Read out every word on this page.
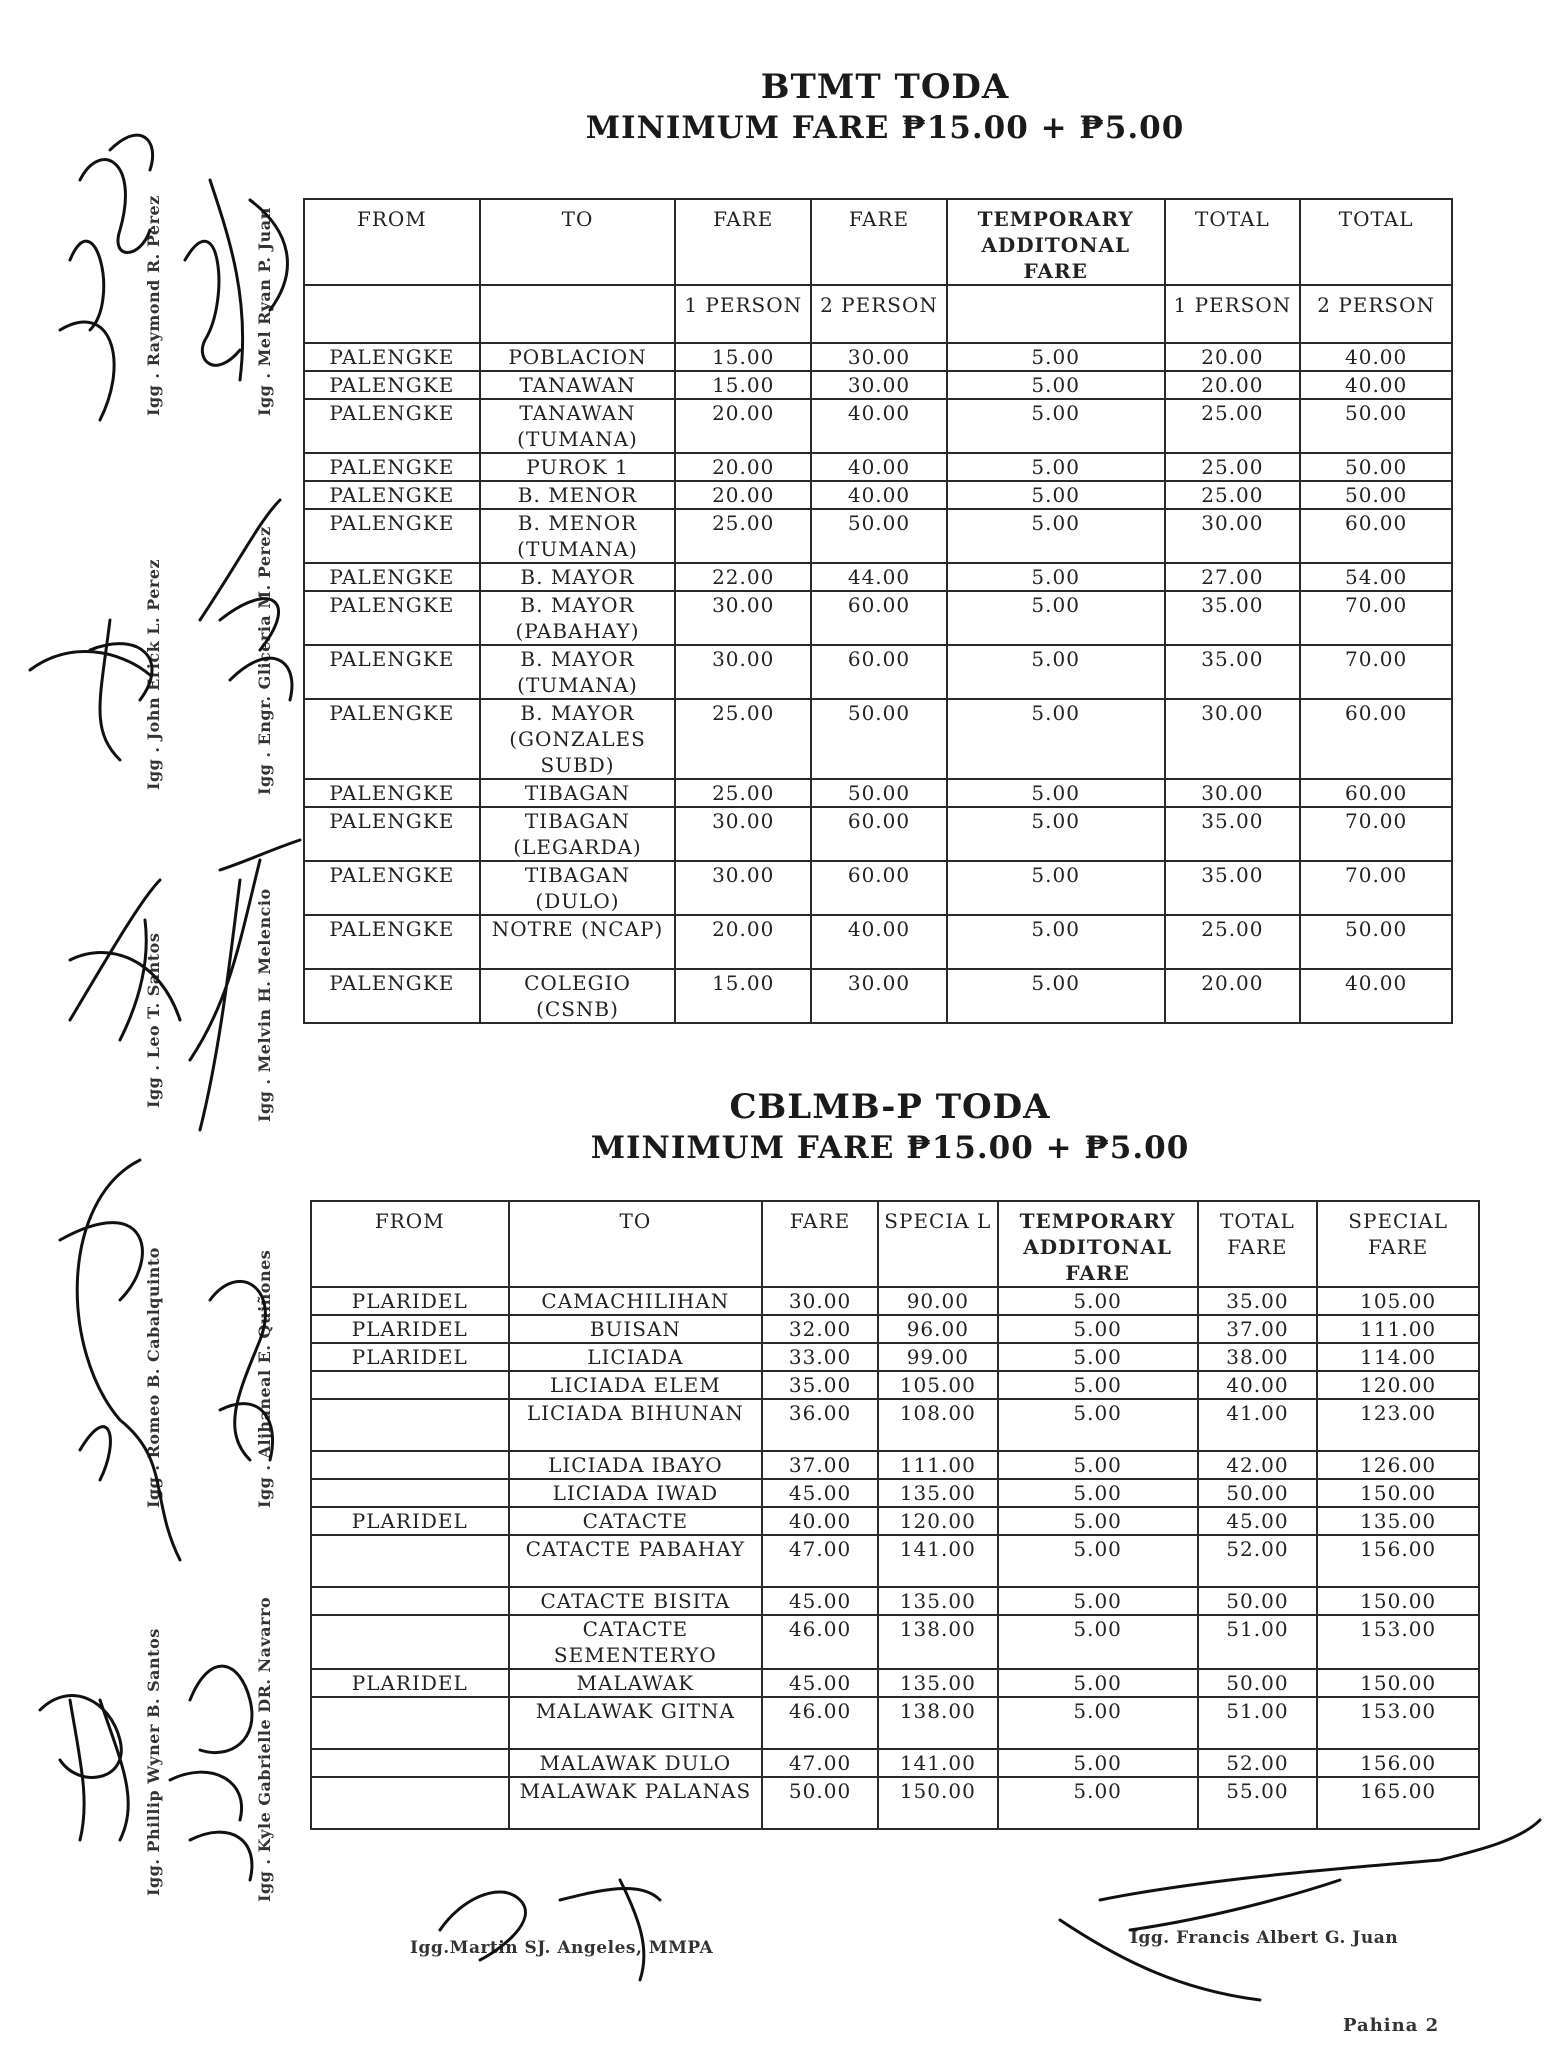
BTMT TODA
MINIMUM FARE ₱15.00 + ₱5.00
FROM	TO	FARE	FARE	TEMPORARY ADDITONAL FARE	TOTAL	TOTAL
		1 PERSON	2 PERSON		1 PERSON	2 PERSON
PALENGKE	POBLACION	15.00	30.00	5.00	20.00	40.00
PALENGKE	TANAWAN	15.00	30.00	5.00	20.00	40.00
PALENGKE	TANAWAN (TUMANA)	20.00	40.00	5.00	25.00	50.00
PALENGKE	PUROK 1	20.00	40.00	5.00	25.00	50.00
PALENGKE	B. MENOR	20.00	40.00	5.00	25.00	50.00
PALENGKE	B. MENOR (TUMANA)	25.00	50.00	5.00	30.00	60.00
PALENGKE	B. MAYOR	22.00	44.00	5.00	27.00	54.00
PALENGKE	B. MAYOR (PABAHAY)	30.00	60.00	5.00	35.00	70.00
PALENGKE	B. MAYOR (TUMANA)	30.00	60.00	5.00	35.00	70.00
PALENGKE	B. MAYOR (GONZALES SUBD)	25.00	50.00	5.00	30.00	60.00
PALENGKE	TIBAGAN	25.00	50.00	5.00	30.00	60.00
PALENGKE	TIBAGAN (LEGARDA)	30.00	60.00	5.00	35.00	70.00
PALENGKE	TIBAGAN (DULO)	30.00	60.00	5.00	35.00	70.00
PALENGKE	NOTRE (NCAP)	20.00	40.00	5.00	25.00	50.00
PALENGKE	COLEGIO (CSNB)	15.00	30.00	5.00	20.00	40.00
CBLMB-P TODA
MINIMUM FARE ₱15.00 + ₱5.00
FROM	TO	FARE	SPECIA L	TEMPORARY ADDITONAL FARE	TOTAL FARE	SPECIAL FARE
PLARIDEL	CAMACHILIHAN	30.00	90.00	5.00	35.00	105.00
PLARIDEL	BUISAN	32.00	96.00	5.00	37.00	111.00
PLARIDEL	LICIADA	33.00	99.00	5.00	38.00	114.00
	LICIADA ELEM	35.00	105.00	5.00	40.00	120.00
	LICIADA BIHUNAN	36.00	108.00	5.00	41.00	123.00
	LICIADA IBAYO	37.00	111.00	5.00	42.00	126.00
	LICIADA IWAD	45.00	135.00	5.00	50.00	150.00
PLARIDEL	CATACTE	40.00	120.00	5.00	45.00	135.00
	CATACTE PABAHAY	47.00	141.00	5.00	52.00	156.00
	CATACTE BISITA	45.00	135.00	5.00	50.00	150.00
	CATACTE SEMENTERYO	46.00	138.00	5.00	51.00	153.00
PLARIDEL	MALAWAK	45.00	135.00	5.00	50.00	150.00
	MALAWAK GITNA	46.00	138.00	5.00	51.00	153.00
	MALAWAK DULO	47.00	141.00	5.00	52.00	156.00
	MALAWAK PALANAS	50.00	150.00	5.00	55.00	165.00
Igg . Raymond R. Perez	Igg . Mel Ryan P. Juan
Igg . John Erick L. Perez	Igg . Engr. Gliceria M. Perez
Igg . Leo T. Santos	Igg . Melvin H. Melencio
Igg . Romeo B. Cabalquinto	Igg . Aljhaneal E. Quiñones
Igg. Phillip Wyner B. Santos	Igg . Kyle Gabrielle DR. Navarro
Igg.Martin SJ. Angeles, MMPA	Igg. Francis Albert G. Juan
Pahina 2
